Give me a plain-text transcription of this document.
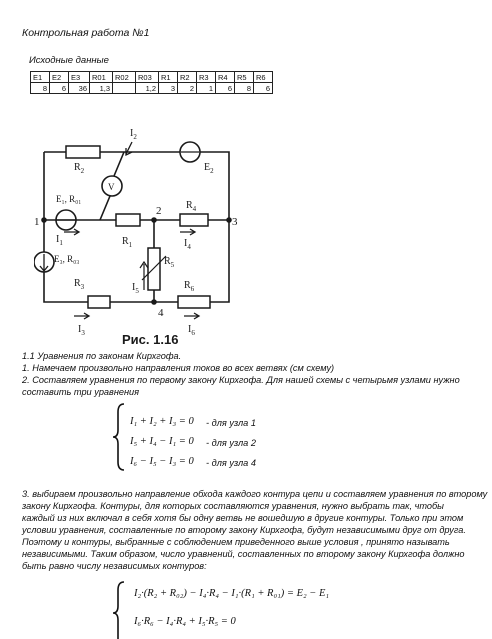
Контрольная работа №1
Исходные данные
E1	E2	E3	R01	R02	R03	R1	R2	R3	R4	R5	R6
8	6	36	1,3		1,2	3	2	1	6	8	6
$I_2$
$E_2$
$R_2$
V
E₁, R₀₁
1
2
3
4
$R_4$
$I_1$	$R_1$	$I_4$
$R_5$
E₃, R₀₃
$R_3$	$R_6$
$I_5$
$I_3$	$I_6$
Рис. 1.16
1.1 Уравнения по законам Кирхгофа.
1. Намечаем произвольно направления токов во всех ветвях (см схему)
2. Составляем уравнения по первому закону Кирхгофа. Для нашей схемы с четырьмя узлами нужно
составить три уравнения
I₁ + I₂ + I₃ = 0 - для узла 1
I₅ + I₄ − I₁ = 0 - для узла 2
I₆ − I₅ − I₃ = 0 - для узла 4
3. выбираем произвольно направление обхода каждого контура цепи и составляем уравнения по второму
закону Кирхгофа. Контуры, для которых составляются уравнения, нужно выбрать так, чтобы
каждый из них включал в себя хотя бы одну ветвь не вошедшую в другие контуры. Только при этом
условии уравнения, составленные по второму закону Кирхгофа, будут независимыми друг от друга.
Поэтому и контуры, выбранные с соблюдением приведенного выше условия , принято называть
независимыми. Таким образом, число уравнений, составленных по второму закону Кирхгофа должно
быть равно числу независимых контуров:
I₂·(R₂ + R₀₂) − I₄·R₄ − I₁·(R₁ + R₀₁) = E₂ − E₁
I₆·R₆ − I₄·R₄ + I₅·R₅ = 0
